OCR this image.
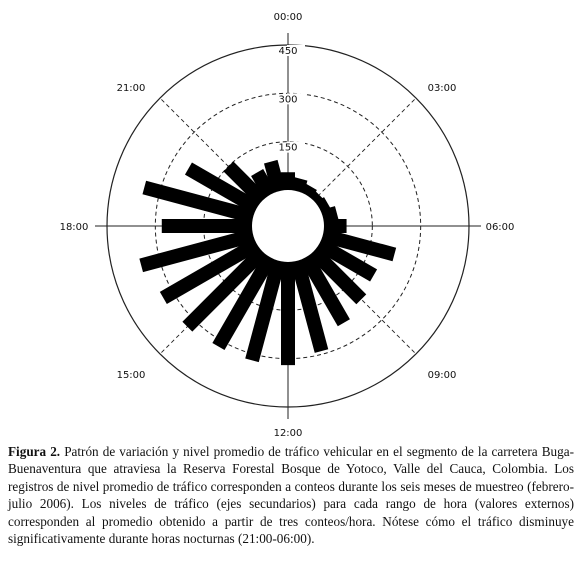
150
300
450
00:00
03:00
06:00
09:00
12:00
15:00
18:00
21:00

Figura 2. Patrón de variación y nivel promedio de tráfico vehicular en el segmento de la carretera Buga-Buenaventura que atraviesa la Reserva Forestal Bosque de Yotoco, Valle del Cauca, Colombia. Los registros de nivel promedio de tráfico corresponden a conteos durante los seis meses de muestreo (febrero-julio 2006). Los niveles de tráfico (ejes secundarios) para cada rango de hora (valores externos) corresponden al promedio obtenido a partir de tres conteos/hora. Nótese cómo el tráfico disminuye significativamente durante horas nocturnas (21:00-06:00).
